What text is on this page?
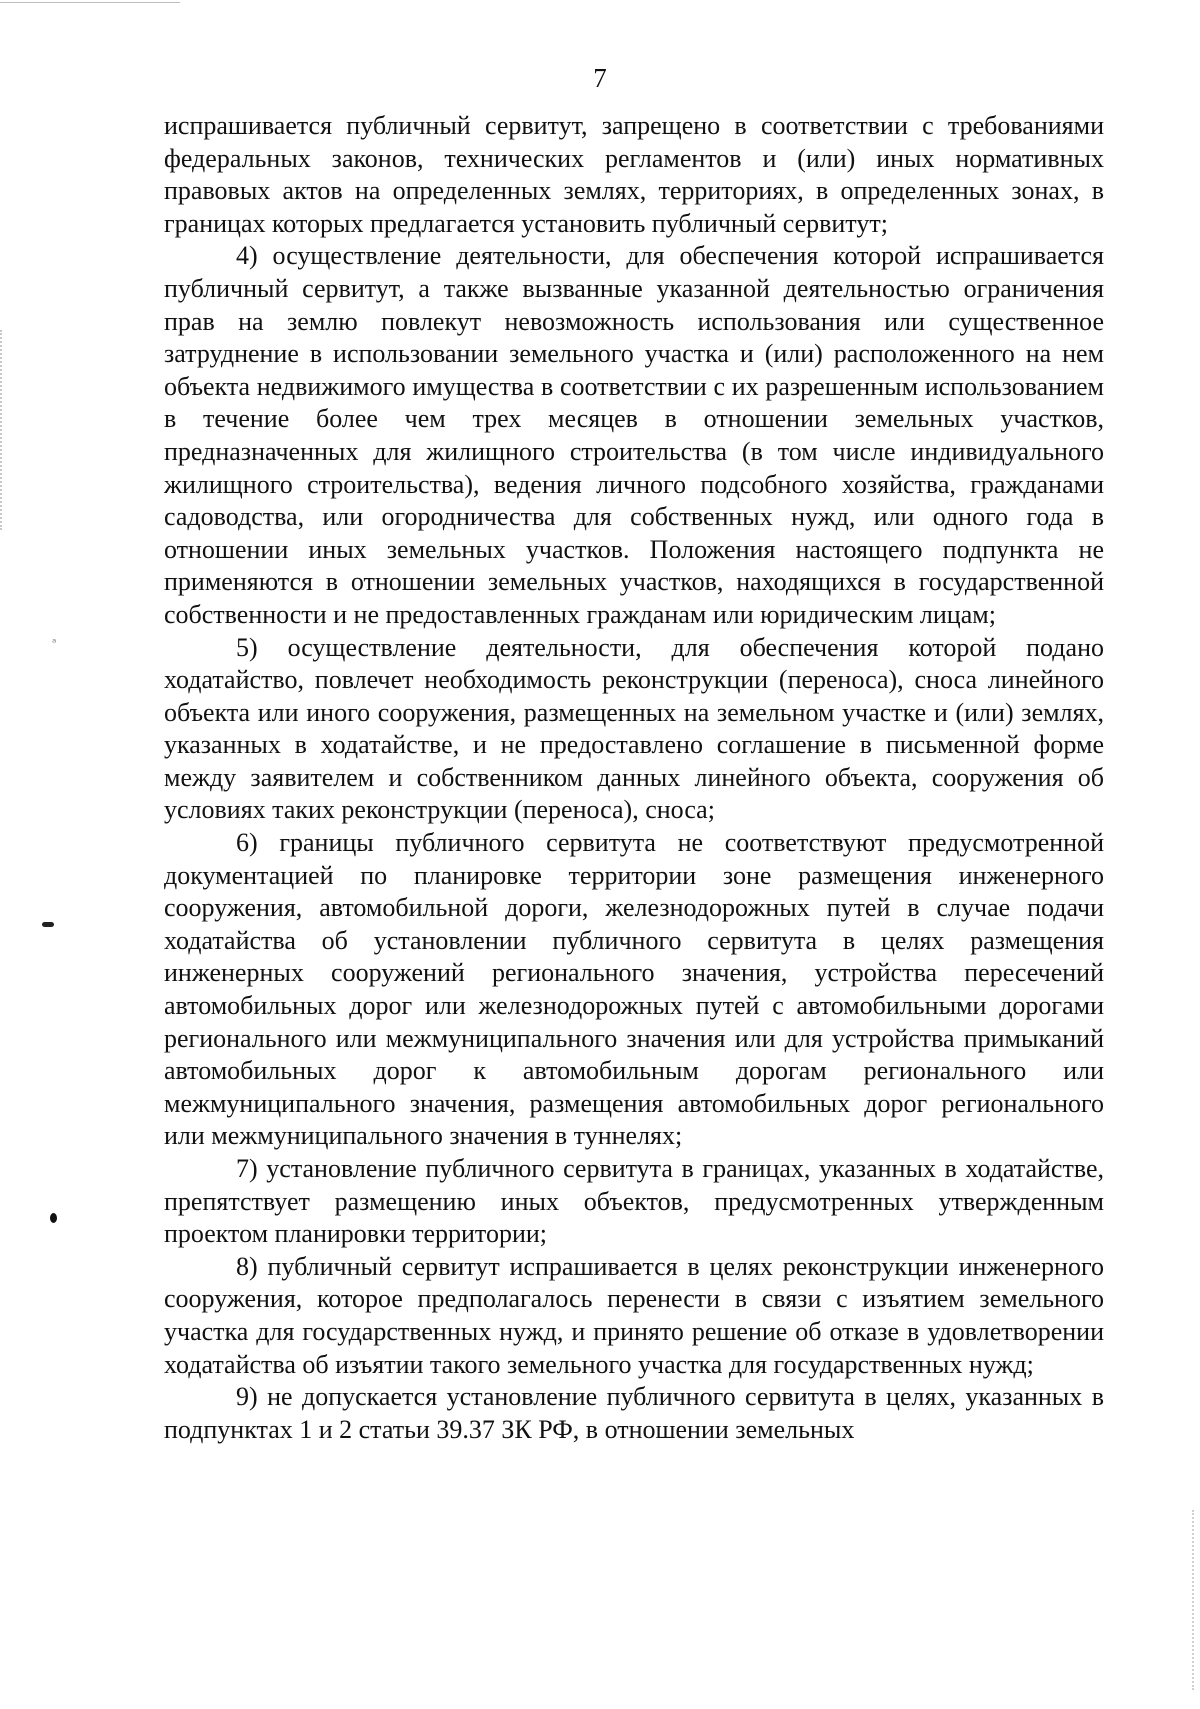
ᵃ
7

испрашивается публичный сервитут, запрещено в соответствии с требованиями федеральных законов, технических регламентов и (или) иных нормативных правовых актов на определенных землях, территориях, в определенных зонах, в границах которых предлагается установить публичный сервитут;

4) осуществление деятельности, для обеспечения которой испрашивается публичный сервитут, а также вызванные указанной деятельностью ограничения прав на землю повлекут невозможность использования или существенное затруднение в использовании земельного участка и (или) расположенного на нем объекта недвижимого имущества в соответствии с их разрешенным использованием в течение более чем трех месяцев в отношении земельных участков, предназначенных для жилищного строительства (в том числе индивидуального жилищного строительства), ведения личного подсобного хозяйства, гражданами садоводства, или огородничества для собственных нужд, или одного года в отношении иных земельных участков. Положения настоящего подпункта не применяются в отношении земельных участков, находящихся в государственной собственности и не предоставленных гражданам или юридическим лицам;

5) осуществление деятельности, для обеспечения которой подано ходатайство, повлечет необходимость реконструкции (переноса), сноса линейного объекта или иного сооружения, размещенных на земельном участке и (или) землях, указанных в ходатайстве, и не предоставлено соглашение в письменной форме между заявителем и собственником данных линейного объекта, сооружения об условиях таких реконструкции (переноса), сноса;

6) границы публичного сервитута не соответствуют предусмотренной документацией по планировке территории зоне размещения инженерного сооружения, автомобильной дороги, железнодорожных путей в случае подачи ходатайства об установлении публичного сервитута в целях размещения инженерных сооружений регионального значения, устройства пересечений автомобильных дорог или железнодорожных путей с автомобильными дорогами регионального или межмуниципального значения или для устройства примыканий автомобильных дорог к автомобильным дорогам регионального или межмуниципального значения, размещения автомобильных дорог регионального или межмуниципального значения в туннелях;

7) установление публичного сервитута в границах, указанных в ходатайстве, препятствует размещению иных объектов, предусмотренных утвержденным проектом планировки территории;

8) публичный сервитут испрашивается в целях реконструкции инженерного сооружения, которое предполагалось перенести в связи с изъятием земельного участка для государственных нужд, и принято решение об отказе в удовлетворении ходатайства об изъятии такого земельного участка для государственных нужд;

9) не допускается установление публичного сервитута в целях, указанных в подпунктах 1 и 2 статьи 39.37 ЗК РФ, в отношении земельных
